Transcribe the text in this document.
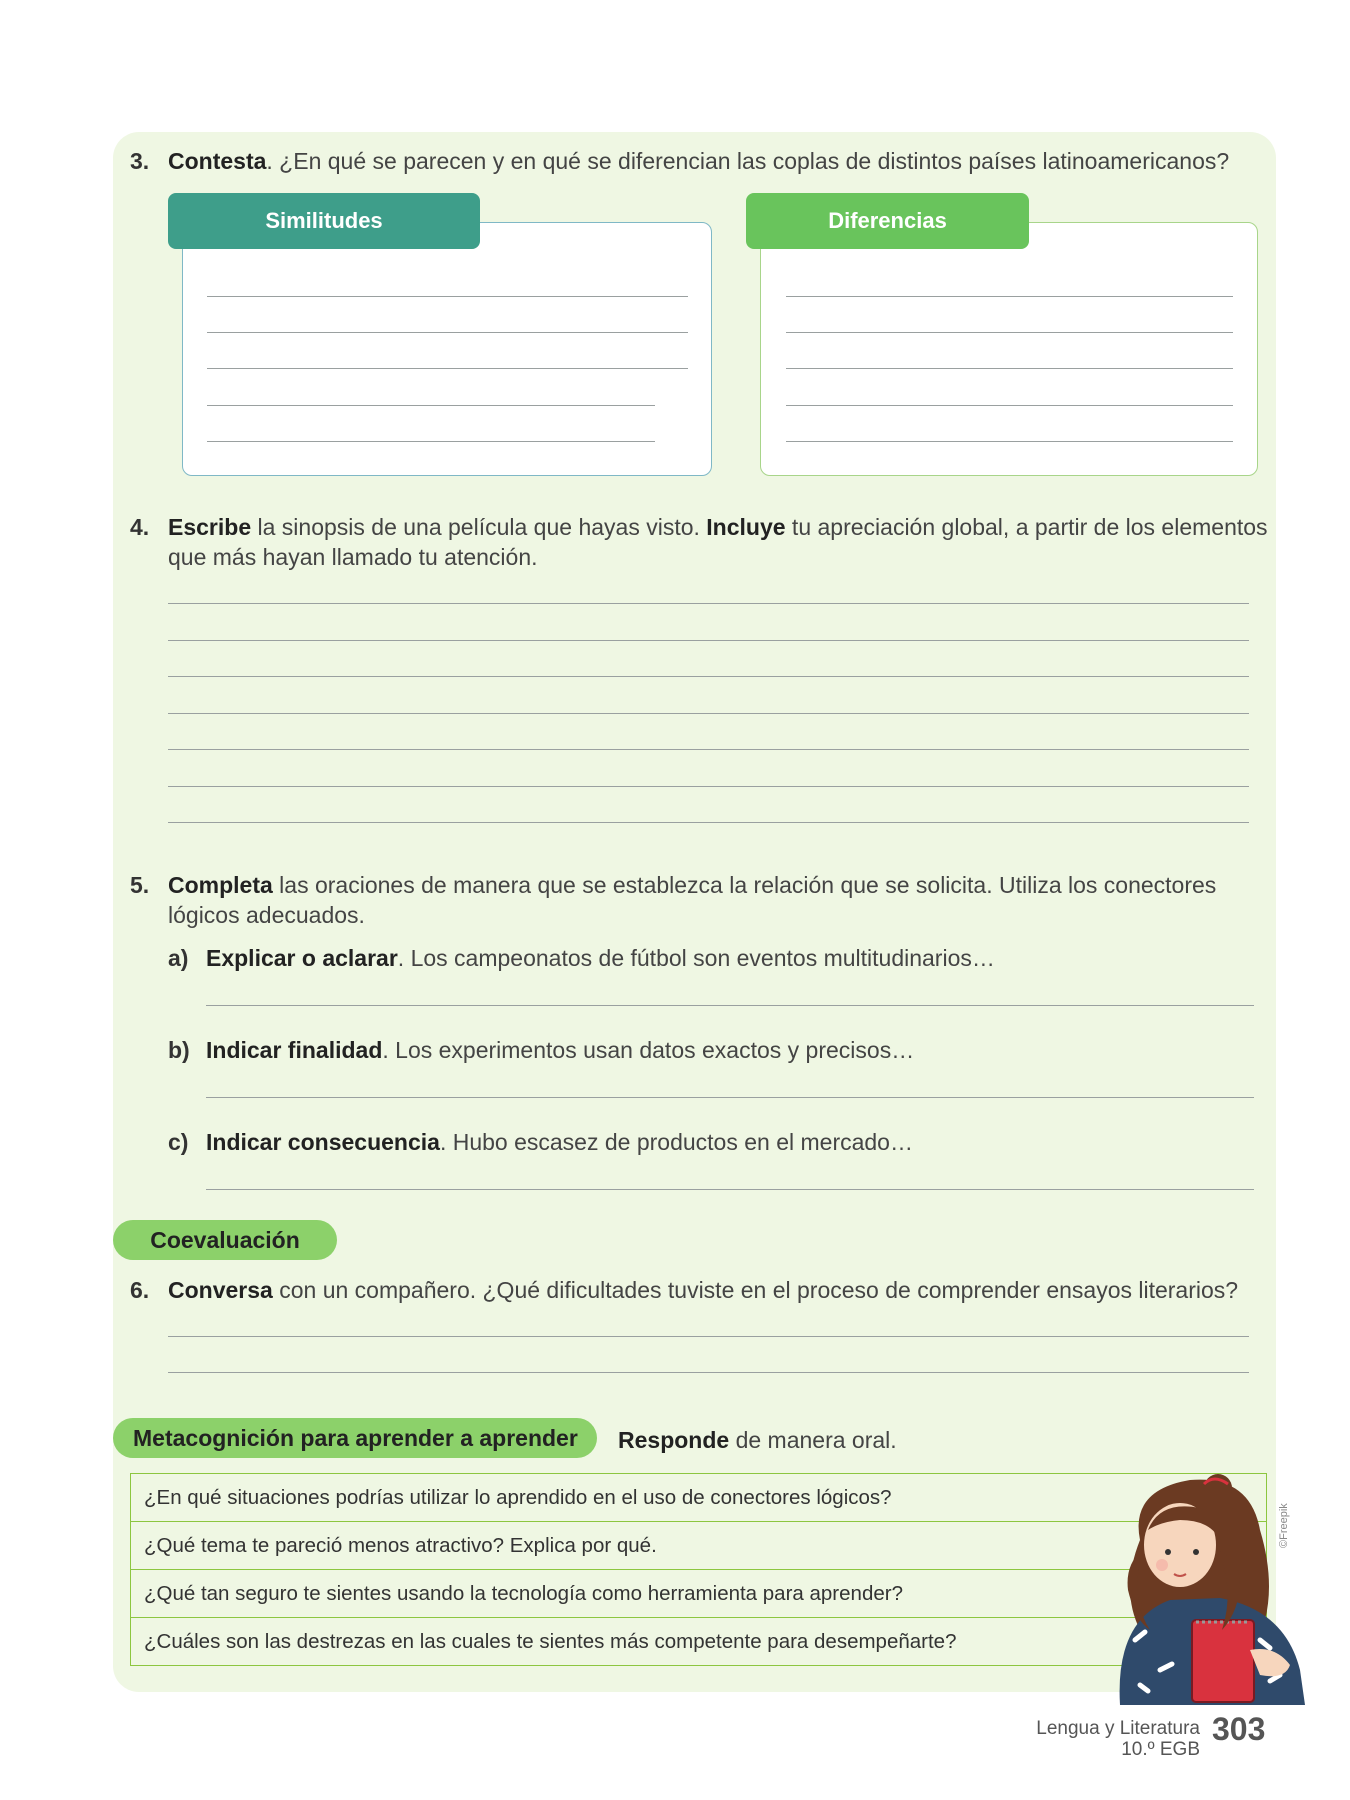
3. Contesta. ¿En qué se parecen y en qué se diferencian las coplas de distintos países latinoamericanos?
Similitudes	Diferencias
4. Escribe la sinopsis de una película que hayas visto. Incluye tu apreciación global, a partir de los elementos que más hayan llamado tu atención.
5. Completa las oraciones de manera que se establezca la relación que se solicita. Utiliza los conectores lógicos adecuados.
a) Explicar o aclarar. Los campeonatos de fútbol son eventos multitudinarios…
b) Indicar finalidad. Los experimentos usan datos exactos y precisos…
c) Indicar consecuencia. Hubo escasez de productos en el mercado…
Coevaluación
6. Conversa con un compañero. ¿Qué dificultades tuviste en el proceso de comprender ensayos literarios?
Metacognición para aprender a aprender	Responde de manera oral.
¿En qué situaciones podrías utilizar lo aprendido en el uso de conectores lógicos?
¿Qué tema te pareció menos atractivo? Explica por qué.
¿Qué tan seguro te sientes usando la tecnología como herramienta para aprender?
¿Cuáles son las destrezas en las cuales te sientes más competente para desempeñarte?
©Freepik
Lengua y Literatura
10.º EGB
303
